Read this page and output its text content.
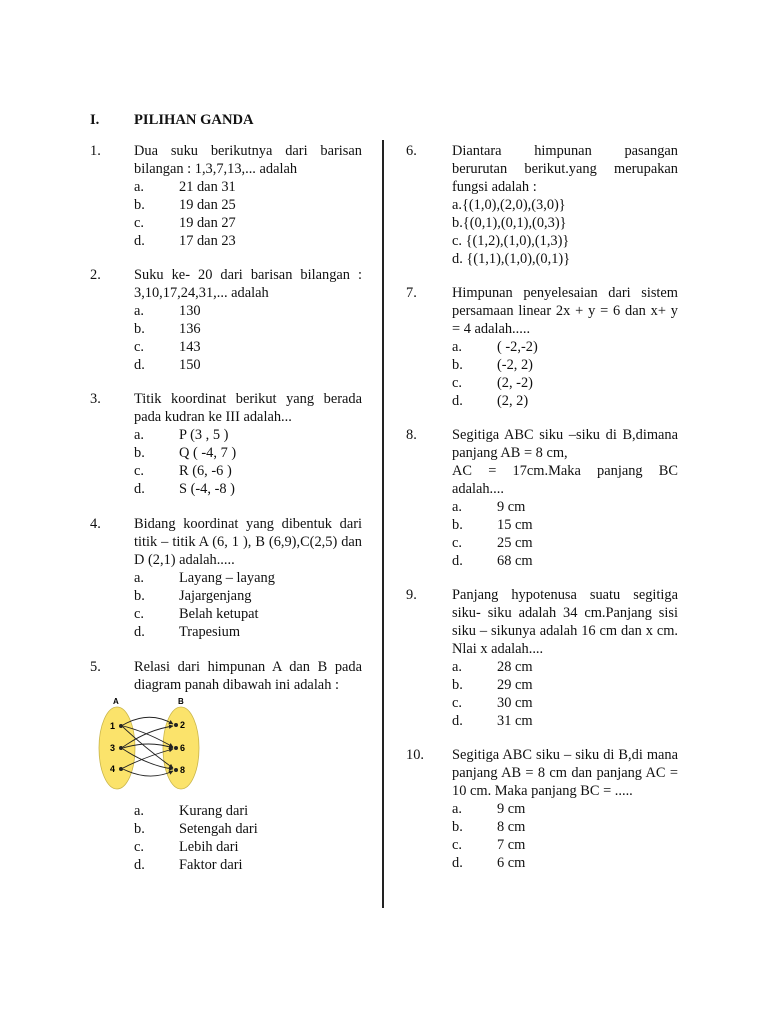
I. PILIHAN GANDA
1. Dua suku berikutnya dari barisan bilangan : 1,3,7,13,... adalah
a. 21 dan 31
b. 19 dan 25
c. 19 dan 27
d. 17 dan 23
2. Suku ke- 20 dari barisan bilangan : 3,10,17,24,31,... adalah
a. 130
b. 136
c. 143
d. 150
3. Titik koordinat berikut yang berada pada kudran ke III adalah...
a. P (3 , 5 )
b. Q ( -4, 7 )
c. R (6, -6 )
d. S (-4, -8 )
4. Bidang koordinat yang dibentuk dari titik – titik A (6, 1 ), B (6,9),C(2,5) dan D (2,1) adalah.....
a. Layang – layang
b. Jajargenjang
c. Belah ketupat
d. Trapesium
5. Relasi dari himpunan A dan B pada diagram panah dibawah ini adalah :
A	B
1
3
4
2
6
8
a. Kurang dari
b. Setengah dari
c. Lebih dari
d. Faktor dari
6. Diantara himpunan pasangan berurutan berikut.yang merupakan fungsi adalah :
a.{(1,0),(2,0),(3,0)}
b.{(0,1),(0,1),(0,3)}
c. {(1,2),(1,0),(1,3)}
d. {(1,1),(1,0),(0,1)}
7. Himpunan penyelesaian dari sistem persamaan linear 2x + y = 6 dan x+ y = 4 adalah.....
a. ( -2,-2)
b. (-2, 2)
c. (2, -2)
d. (2, 2)
8. Segitiga ABC siku –siku di B,dimana panjang AB = 8 cm,
AC = 17cm.Maka panjang BC adalah....
a. 9 cm
b. 15 cm
c. 25 cm
d. 68 cm
9. Panjang hypotenusa suatu segitiga siku- siku adalah 34 cm.Panjang sisi siku – sikunya adalah 16 cm dan x cm. Nlai x adalah....
a. 28 cm
b. 29 cm
c. 30 cm
d. 31 cm
10. Segitiga ABC siku – siku di B,di mana panjang AB = 8 cm dan panjang AC = 10 cm. Maka panjang BC = .....
a. 9 cm
b. 8 cm
c. 7 cm
d. 6 cm
